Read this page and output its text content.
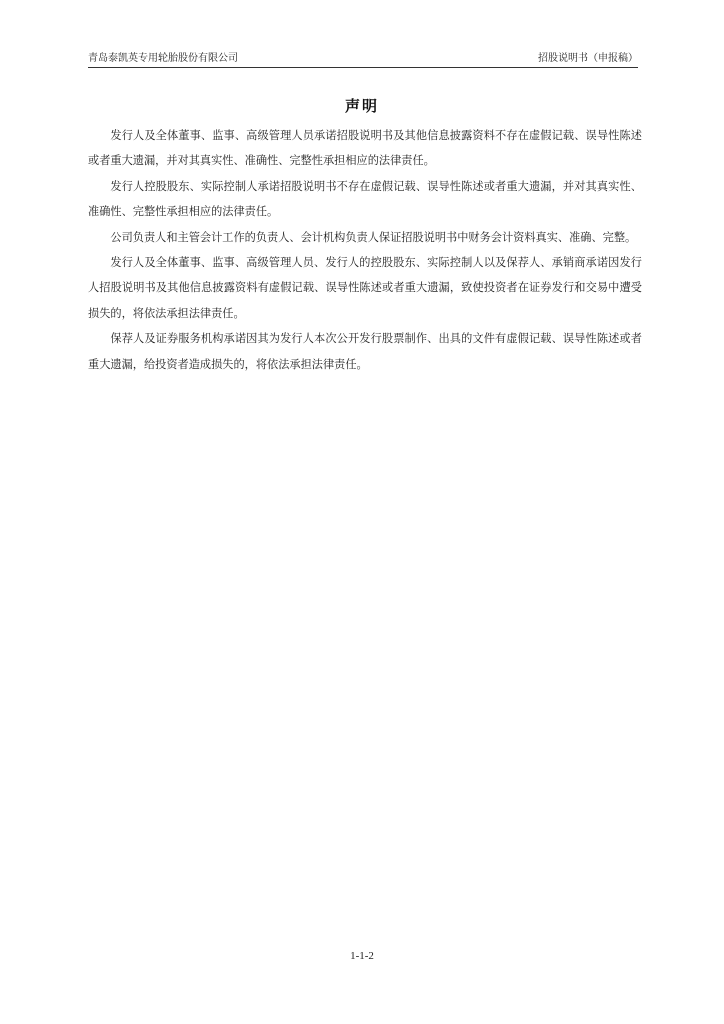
青岛泰凯英专用轮胎股份有限公司	招股说明书（申报稿）
声明

发行人及全体董事、监事、高级管理人员承诺招股说明书及其他信息披露资料不存在虚假记载、误导性陈述或者重大遗漏，并对其真实性、准确性、完整性承担相应的法律责任。

发行人控股股东、实际控制人承诺招股说明书不存在虚假记载、误导性陈述或者重大遗漏，并对其真实性、准确性、完整性承担相应的法律责任。

公司负责人和主管会计工作的负责人、会计机构负责人保证招股说明书中财务会计资料真实、准确、完整。

发行人及全体董事、监事、高级管理人员、发行人的控股股东、实际控制人以及保荐人、承销商承诺因发行人招股说明书及其他信息披露资料有虚假记载、误导性陈述或者重大遗漏，致使投资者在证券发行和交易中遭受损失的，将依法承担法律责任。

保荐人及证券服务机构承诺因其为发行人本次公开发行股票制作、出具的文件有虚假记载、误导性陈述或者重大遗漏，给投资者造成损失的，将依法承担法律责任。

1-1-2
